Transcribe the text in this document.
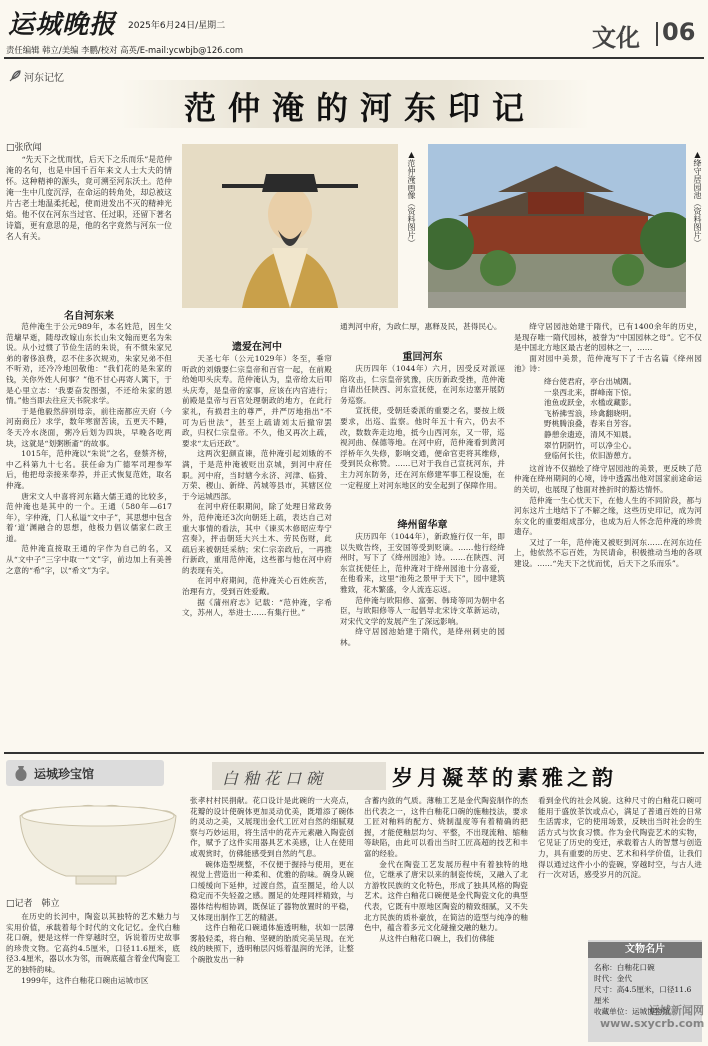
运城晚报 2025年6月24日/星期二	文化 06
责任编辑 韩立/美编 李鹏/校对 高英/E-mail:ycwbjb@126.com
河东记忆
范仲淹的河东印记
□张欣闻

“先天下之忧而忧，后天下之乐而乐”是范仲淹的名句，也是中国千百年来文人士大夫的情怀。这种精神的源头，竟可溯至河东沃土。范仲淹一生中几度沉浮，在命运的转角处，却总被这片古老土地温柔托起，使而进发出不灭的精神光焰。他不仅在河东当过官、任过职，还留下著名诗篇，更有意思的是，他的名字竟然与河东一位名人有关。

名自河东来

范仲淹生于公元989年，本名姓范，因生父范墉早逝，随母改嫁山东长山朱文翰而更名为朱说。从小过惯了节俭生活的朱说，有不惯朱家兄弟的奢侈浪费，忍不住多次规劝，朱家兄弟不但不听劝，还冷冷地回敬他：“我们花的是朱家的钱，关你外姓人何事？”他不甘心再寄人篱下，于是心里立志：‘我要奋发图强，不还给朱家的恩情。”他当即去往应天书院求学。

于是他毅然辞别母亲，前往南都应天府（今河南商丘）求学，数年寒窗苦读，五更天不睡，冬天冷水浇面，粥冷后划为四块，早晚各吃两块，这就是“划粥断齑”的故事。

1015年，范仲淹以“朱说”之名，登蔡齐榜，中乙科第九十七名。获任命为广德军司理参军后，他把母亲接来奉养，并正式恢复范姓，取名仲淹。

唐宋文人中喜将河东籍大儒王通的比较多，范仲淹也是其中的一个。王通（580年—617年），字仲淹，门人私谥“文中子”，其思想中包含着‘道’渊融合的思想，他极力倡议儒家仁政王道。

范仲淹直接取王通的字作为自己的名，又从“文中子”三字中取一“文”字，前边加上有美善之意的“希”字，以“希文”为字。

▲范仲淹画像（资料图片）	▲绛守居园池（资料图片）
遗爱在河中

天圣七年（公元1029年）冬至，垂帘听政的刘娥要仁宗皇帝和百官一起，在前殿给她叩头庆寿。范仲淹认为，皇帝给太后叩头庆寿，是皇帝的家事，应该在内宫进行；前殿是皇帝与百官处理朝政的地方，在此行家礼，有损君主的尊严，并严厉地指出“不可为后世法”，甚至上疏请刘太后撤帘罢政，归权仁宗皇帝。不久，他又再次上疏，要求“太后还政”。

这两次犯颜直谏，范仲淹引起刘娥的不满，于是范仲淹被贬出京城，到河中府任职。河中府，当时辖今永济、河津、临猗、万荣、稷山、新绛、芮城等县市，其辖区位于今运城西部。

在河中府任职期间，除了处理日常政务外，范仲淹还3次向朝廷上疏，表达自己对重大事情的看法，其中《谏买木修昭应寿宁宫奏》，抨击朝廷大兴土木、劳民伤财，此疏后来被朝廷采纳；宋仁宗亲政后，一再推行新政，重用范仲淹，这些都与他在河中府的表现有关。

在河中府期间，范仲淹关心百姓疾苦，治理有方，受到百姓爱戴。

据《蒲州府志》记载：“范仲淹，字希文，苏州人，举进士……有集行世。”

通判河中府，为政仁厚，惠释及民，甚得民心。

重回河东

庆历四年（1044年）六月，因受反对派诬陷攻击，仁宗皇帝犹豫，庆历新政受挫，范仲淹自请出任陕西、河东宣抚使，在河东边塞开展防务巡察。

宣抚使，受朝廷委派的重要之名，要按上级要求，出巡、监察。他时年五十有六，仍去不改，数数奔走边地，抵今山西河东，又一带，巡视河曲、保德等地。在河中府，范仲淹看到黄河浮桥年久失修，影响交通，便命官吏将其维修，受到民众称赞。……已对于我自己宣抚河东，并主力河东防务，还在河东修建军事工程设施，在一定程度上对河东地区的安全起到了保障作用。

绛州留华章

庆历四年（1044年），新政施行仅一年，即以失败告终，王安国等受到贬谪。……他行经绛州时，写下了《绛州园池》诗。……在陕西、河东宣抚使任上，范仲淹对于绛州园池十分喜爱，在他看来，这里“池苑之景甲于天下”，园中建筑雅致，花木繁盛，令人流连忘返。

范仲淹与欧阳修、富弼、韩琦等同为朝中名臣，与欧阳修等人一起倡导北宋诗文革新运动，对宋代文学的发展产生了深远影响。

绛守居园池始建于隋代，是绛州刺史的园林。

绛守居园池始建于隋代，已有1400余年的历史，是现存唯一隋代园林，被誉为“中国园林之母”。它不仅是中国北方地区最古老的园林之一，……

面对园中美景，范仲淹写下了千古名篇《绛州园池》诗：

绛台使君府，亭台出城隅。
一泉西北来，群峰南下惊。
池鱼或跃金，水槛或藏影。
飞桥拂雪浪，珍禽翻晓明。
野桃腾浪叠，春来自芳容。
静憩余遗迹，清风不知晨。
翠竹阴阴竹，可以净尘心。
登临何长往，依旧游憩方。

这首诗不仅描绘了绛守居园池的美景，更反映了范仲淹在绛州期间的心境，诗中透露出他对国家前途命运的关切，也展现了他面对挫折时的豁达情怀。

范仲淹一生心忧天下，在他人生的不同阶段，都与河东这片土地结下了不解之缘，这些历史印记，成为河东文化的重要组成部分，也成为后人怀念范仲淹的珍贵遗存。

又过了一年，范仲淹又被贬到河东……在河东边任上，他依然不忘百姓，为民请命，积极推动当地的各项建设。……“先天下之忧而忧，后天下之乐而乐”。

运城珍宝馆	白釉花口碗	岁月凝萃的素雅之韵
□记者　韩立

在历史的长河中，陶瓷以其独特的艺术魅力与实用价值，承载着每个时代的文化记忆。金代白釉花口碗，便是这样一件穿越时空，诉说着历史故事的珍贵文物。它高约4.5厘米，口径11.6厘米，底径3.4厘米，器以水为邻，而碗底蕴含着金代陶瓷工艺的独特韵味。

1999年，这件白釉花口碗由运城市区

张孝村村民捐献。花口设计是此碗的一大亮点，花瓣的设计使碗体更加灵动优美，既增添了碗体的灵动之美，又展现出金代工匠对自然的细腻观察与巧妙运用，将生活中的花卉元素融入陶瓷创作，赋予了这件实用器具艺术美感，让人在使用或观赏时，仿佛能感受到自然的气息。

碗体造型规整，不仅便于握持与使用，更在视觉上营造出一种柔和、优雅的韵味。碗身从碗口缓缓向下延伸，过渡自然，直至圈足，给人以稳定而不失轻盈之感。圈足的处理同样精致，与器体结构相协调，既保证了器物放置时的平稳，又体现出制作工艺的精湛。

这件白釉花口碗通体施透明釉，状如一层薄雾般轻柔，将白釉、坚硬的胎质完美呈现。在光线的映照下，透明釉层闪烁着温润的光泽，让整个碗散发出一种

含蓄内敛的气质。薄釉工艺是金代陶瓷制作的杰出代表之一，这件白釉花口碗的施釉技法，要求工匠对釉料的配方、烧制温度等有着精确的把握，才能使釉层均匀、平整，不出现流釉、缩釉等缺陷，由此可以看出当时工匠高超的技艺和丰富的经验。

金代在陶瓷工艺发展历程中有着独特的地位，它继承了唐宋以来的制瓷传统，又融入了北方游牧民族的文化特色，形成了独具风格的陶瓷艺术。这件白釉花口碗便是金代陶瓷文化的典型代表，它既有中原地区陶瓷的精致细腻，又不失北方民族的质朴豪放，在简洁的造型与纯净的釉色中，蕴含着多元文化碰撞交融的魅力。

从这件白釉花口碗上，我们仿佛能

看到金代的社会风貌。这种尺寸的白釉花口碗可能用于盛放茶饮或点心，满足了普通百姓的日常生活需求，它的使用场景，反映出当时社会的生活方式与饮食习惯。作为金代陶瓷艺术的实物，它见证了历史的变迁，承载着古人的智慧与创造力，具有重要的历史、艺术和科学价值，让我们得以通过这件小小的瓷碗，穿越时空，与古人进行一次对话，感受岁月的沉淀。

文物名片
名称：白釉花口碗
时代：金代
尺寸：高4.5厘米，口径11.6厘米
收藏单位：运城博物馆
运城新闻网
www.sxycrb.com
